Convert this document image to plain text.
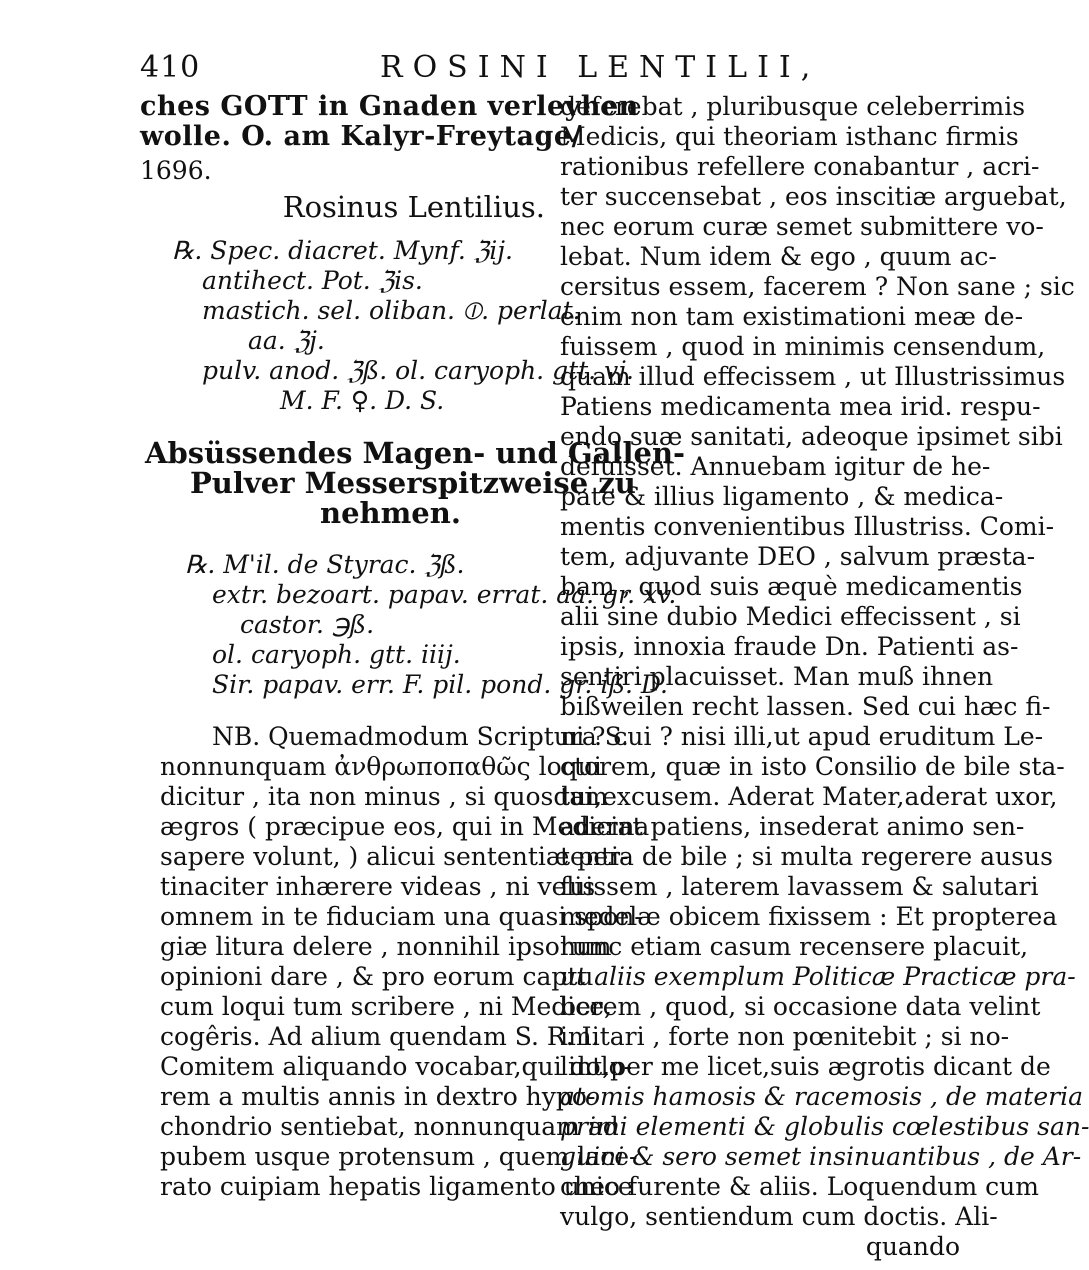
410	ROSINI LENTILII,
ches GOTT in Gnaden verleyhen
wolle. O. am Kalyr-Freytage/
1696.
Rosinus Lentilius.
℞. Spec. diacret. Mynf. ℨij.
antihect. Pot. ℨis.
mastich. sel. oliban. ⦶. perlat.
aa. ℨj.
pulv. anod. ℨß. ol. caryoph. gtt. vj.
M. F. ♀. D. S.
Absüssendes Magen- und Gallen-
Pulver Messerspitzweise zu
nehmen.
℞. M'il. de Styrac. ℨß.
extr. bezoart. papav. errat. aa. gr. xv.
castor. ℈ß.
ol. caryoph. gtt. iiij.
Sir. papav. err. F. pil. pond. gr. iß. D.
NB. Quemadmodum Scriptura S.
nonnunquam ἀνθρωποπαθῶς loqui
dicitur , ita non minus , si quosdam
ægros ( præcipue eos, qui in Medicina
sapere volunt, ) alicui sententiæ per-
tinaciter inhærere videas , ni velis
omnem in te fiduciam una quasi spon-
giæ litura delere , nonnihil ipsorum
opinioni dare , & pro eorum captu
cum loqui tum scribere , ni Medice,
cogêris. Ad alium quendam S. R. I.
Comitem aliquando vocabar,qui dolo-
rem a multis annis in dextro hypo-
chondrio sentiebat, nonnunquam ad
pubem usque protensum , quem lace-
rato cuipiam hepatis ligamento unice
deferebat , pluribusque celeberrimis
Medicis, qui theoriam isthanc firmis
rationibus refellere conabantur , acri-
ter succensebat , eos inscitiæ arguebat,
nec eorum curæ semet submittere vo-
lebat. Num idem & ego , quum ac-
cersitus essem, facerem ? Non sane ; sic
enim non tam existimationi meæ de-
fuissem , quod in minimis censendum,
quam illud effecissem , ut Illustrissimus
Patiens medicamenta mea irid. respu-
endo suæ sanitati, adeoque ipsimet sibi
defuisset. Annuebam igitur de he-
pate & illius ligamento , & medica-
mentis convenientibus Illustriss. Comi-
tem, adjuvante DEO , salvum præsta-
bam , quod suis æquè medicamentis
alii sine dubio Medici effecissent , si
ipsis, innoxia fraude Dn. Patienti as-
sentiri placuisset. Man muß ihnen
bißweilen recht lassen. Sed cui hæc fi-
ni ? cui ? nisi illi,ut apud eruditum Le-
ctorem, quæ in isto Consilio de bile sta-
tui,excusem. Aderat Mater,aderat uxor,
aderat patiens, insederat animo sen-
tentia de bile ; si multa regerere ausus
fuissem , laterem lavassem & salutari
medelæ obicem fixissem : Et propterea
hunc etiam casum recensere placuit,
ut aliis exemplum Politicæ Practicæ pra-
berem , quod, si occasione data velint
imitari , forte non pœnitebit ; si no-
lint,per me licet,suis ægrotis dicant de
atomis hamosis & racemosis , de materia
primi elementi & globulis cœlestibus san-
guini & sero semet insinuantibus , de Ar-
cheo furente & aliis. Loquendum cum
vulgo, sentiendum cum doctis. Ali-
quando
